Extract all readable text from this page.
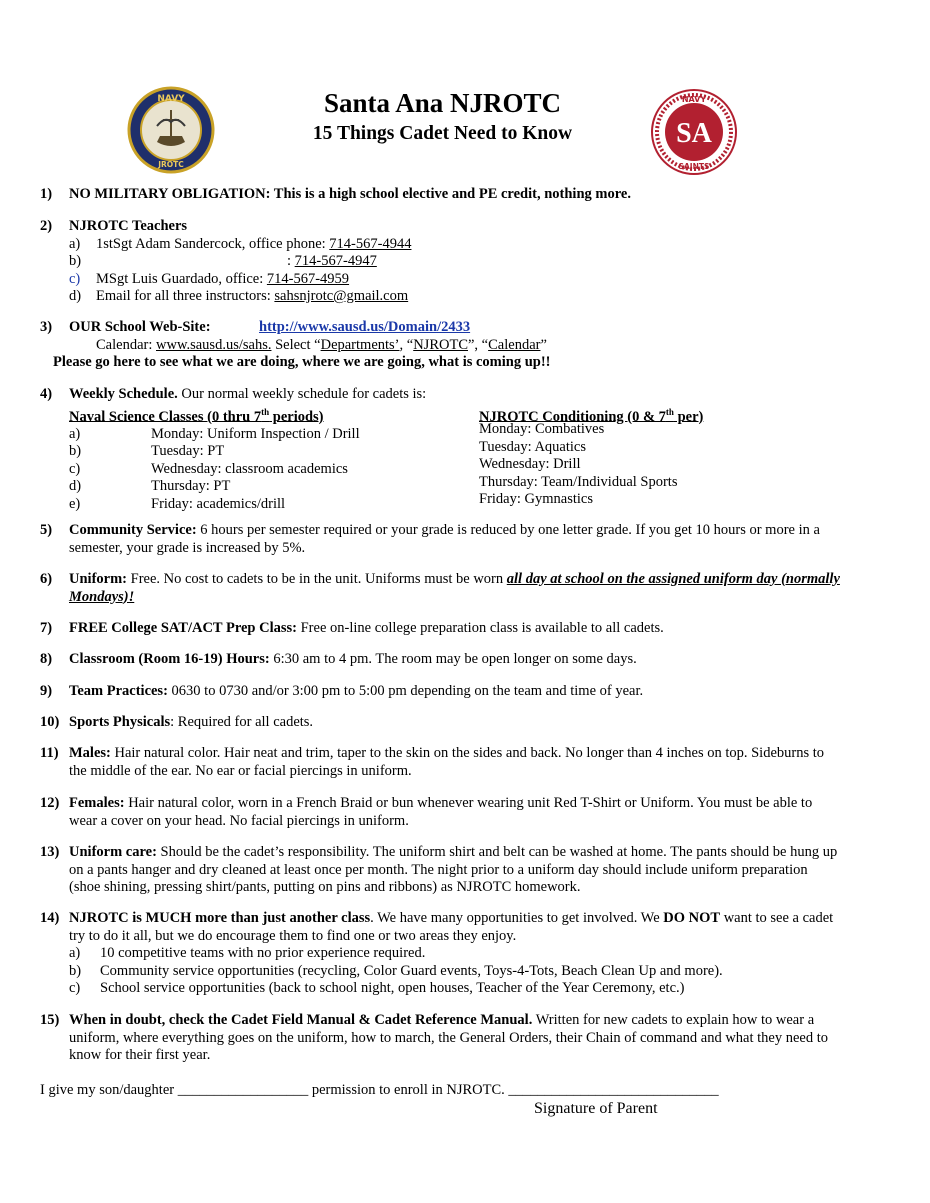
NAVY
JROTC
SA
NAVY
SAINTS
Santa Ana NJROTC
15 Things Cadet Need to Know
1) NO MILITARY OBLIGATION: This is a high school elective and PE credit, nothing more.
2) NJROTC Teachers
a) 1stSgt Adam Sandercock, office phone: 714-567-4944
b)	: 714-567-4947
c) MSgt Luis Guardado, office: 714-567-4959
d) Email for all three instructors: sahsnjrotc@gmail.com
3) OUR School Web-Site:	http://www.sausd.us/Domain/2433
Calendar: www.sausd.us/sahs. Select “Departments’, “NJROTC”, “Calendar”
Please go here to see what we are doing, where we are going, what is coming up!!
4) Weekly Schedule. Our normal weekly schedule for cadets is:
Naval Science Classes (0 thru 7th periods)
a)	Monday: Uniform Inspection / Drill
b)	Tuesday: PT
c)	Wednesday: classroom academics
d)	Thursday: PT
e)	Friday: academics/drill
NJROTC Conditioning (0 & 7th per)
Monday: Combatives
Tuesday: Aquatics
Wednesday: Drill
Thursday: Team/Individual Sports
Friday: Gymnastics
5) Community Service: 6 hours per semester required or your grade is reduced by one letter grade. If you get 10 hours or more in a semester, your grade is increased by 5%.
6) Uniform: Free. No cost to cadets to be in the unit. Uniforms must be worn all day at school on the assigned uniform day (normally Mondays)!
7) FREE College SAT/ACT Prep Class: Free on-line college preparation class is available to all cadets.
8) Classroom (Room 16-19) Hours: 6:30 am to 4 pm. The room may be open longer on some days.
9) Team Practices: 0630 to 0730 and/or 3:00 pm to 5:00 pm depending on the team and time of year.
10) Sports Physicals: Required for all cadets.
11) Males: Hair natural color. Hair neat and trim, taper to the skin on the sides and back. No longer than 4 inches on top. Sideburns to the middle of the ear. No ear or facial piercings in uniform.
12) Females: Hair natural color, worn in a French Braid or bun whenever wearing unit Red T-Shirt or Uniform. You must be able to wear a cover on your head. No facial piercings in uniform.
13) Uniform care: Should be the cadet’s responsibility. The uniform shirt and belt can be washed at home. The pants should be hung up on a pants hanger and dry cleaned at least once per month. The night prior to a uniform day should include uniform preparation (shoe shining, pressing shirt/pants, putting on pins and ribbons) as NJROTC homework.
14) NJROTC is MUCH more than just another class. We have many opportunities to get involved. We DO NOT want to see a cadet try to do it all, but we do encourage them to find one or two areas they enjoy.
a) 10 competitive teams with no prior experience required.
b) Community service opportunities (recycling, Color Guard events, Toys-4-Tots, Beach Clean Up and more).
c) School service opportunities (back to school night, open houses, Teacher of the Year Ceremony, etc.)
15) When in doubt, check the Cadet Field Manual & Cadet Reference Manual. Written for new cadets to explain how to wear a uniform, where everything goes on the uniform, how to march, the General Orders, their Chain of command and what they need to know for their first year.
I give my son/daughter __________________ permission to enroll in NJROTC. _____________________________
Signature of Parent
